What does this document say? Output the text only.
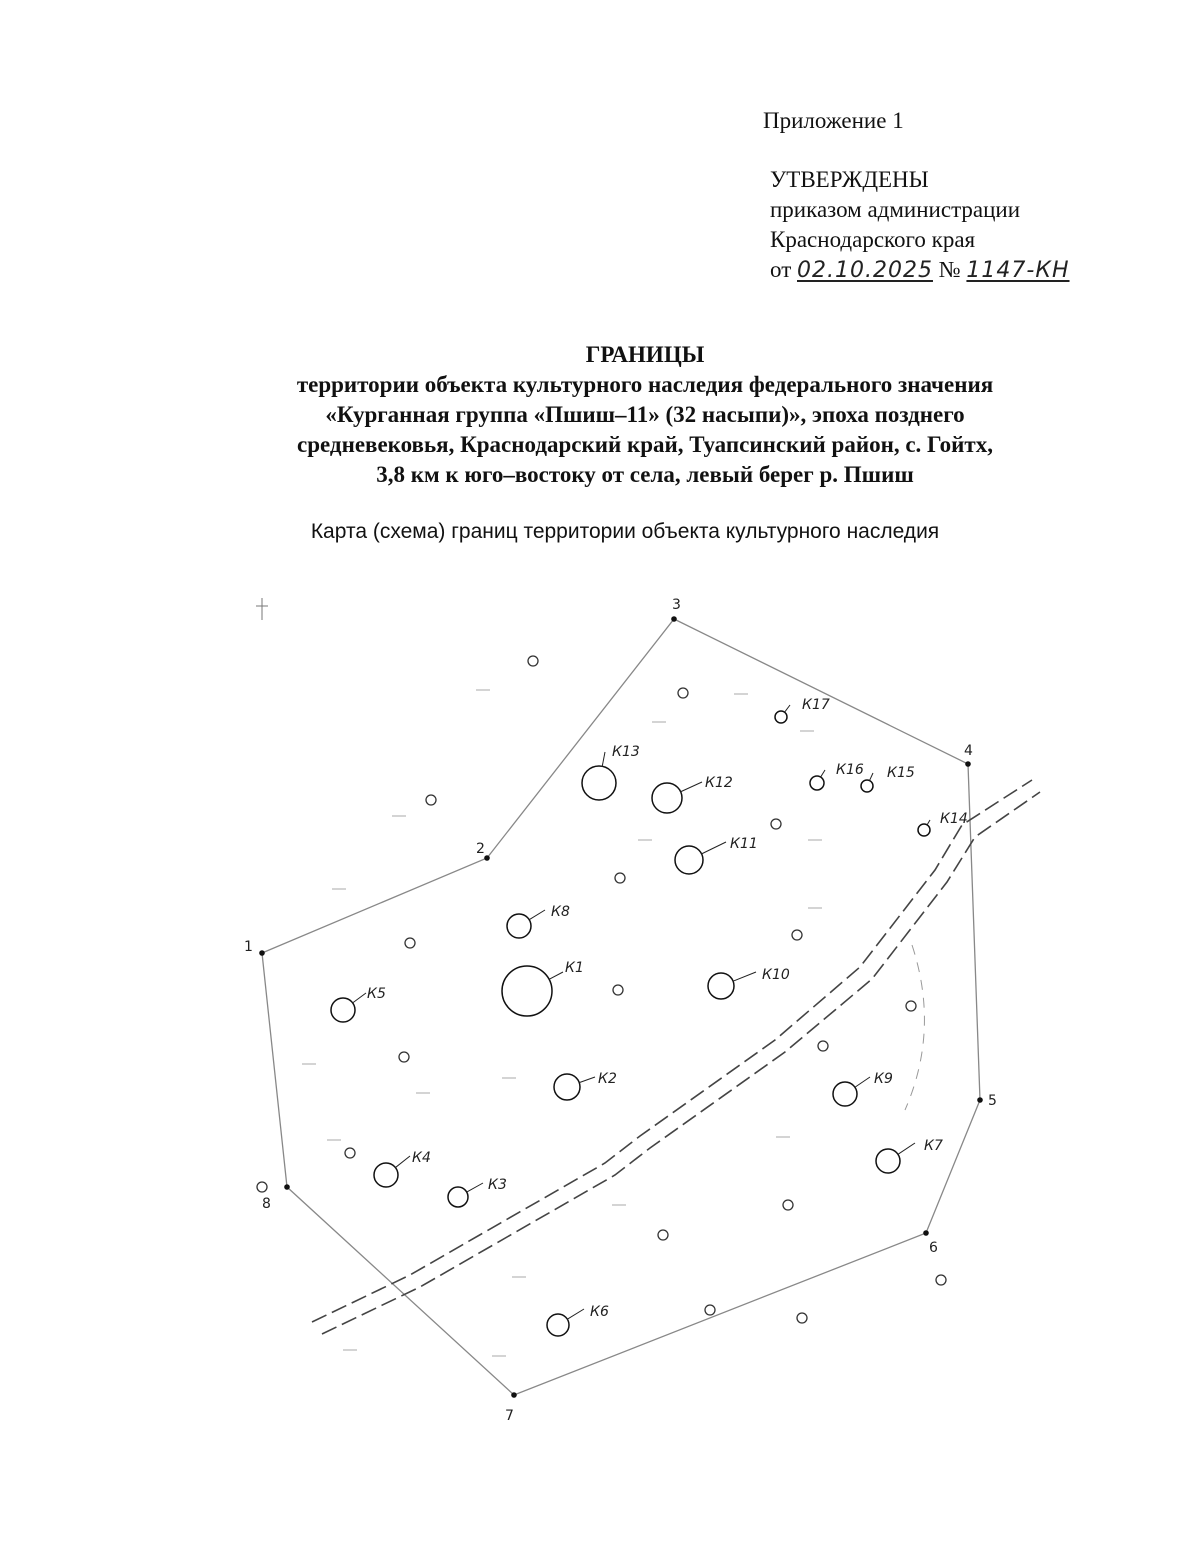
Приложение 1
УТВЕРЖДЕНЫ
приказом администрации
Краснодарского края
от 02.10.2025 № 1147-КН
ГРАНИЦЫ
территории объекта культурного наследия федерального значения
«Курганная группа «Пшиш–11» (32 насыпи)», эпоха позднего
средневековья, Краснодарский край, Туапсинский район, с. Гойтх,
3,8 км к юго–востоку от села, левый берег р. Пшиш
Карта (схема) границ территории объекта культурного наследия
1
2
3
4
5
6
7
8
К1
К2
К3
К4
К5
К6
К7
К8
К9
К10
К11
К12
К13
К14
К15
К16
К17
